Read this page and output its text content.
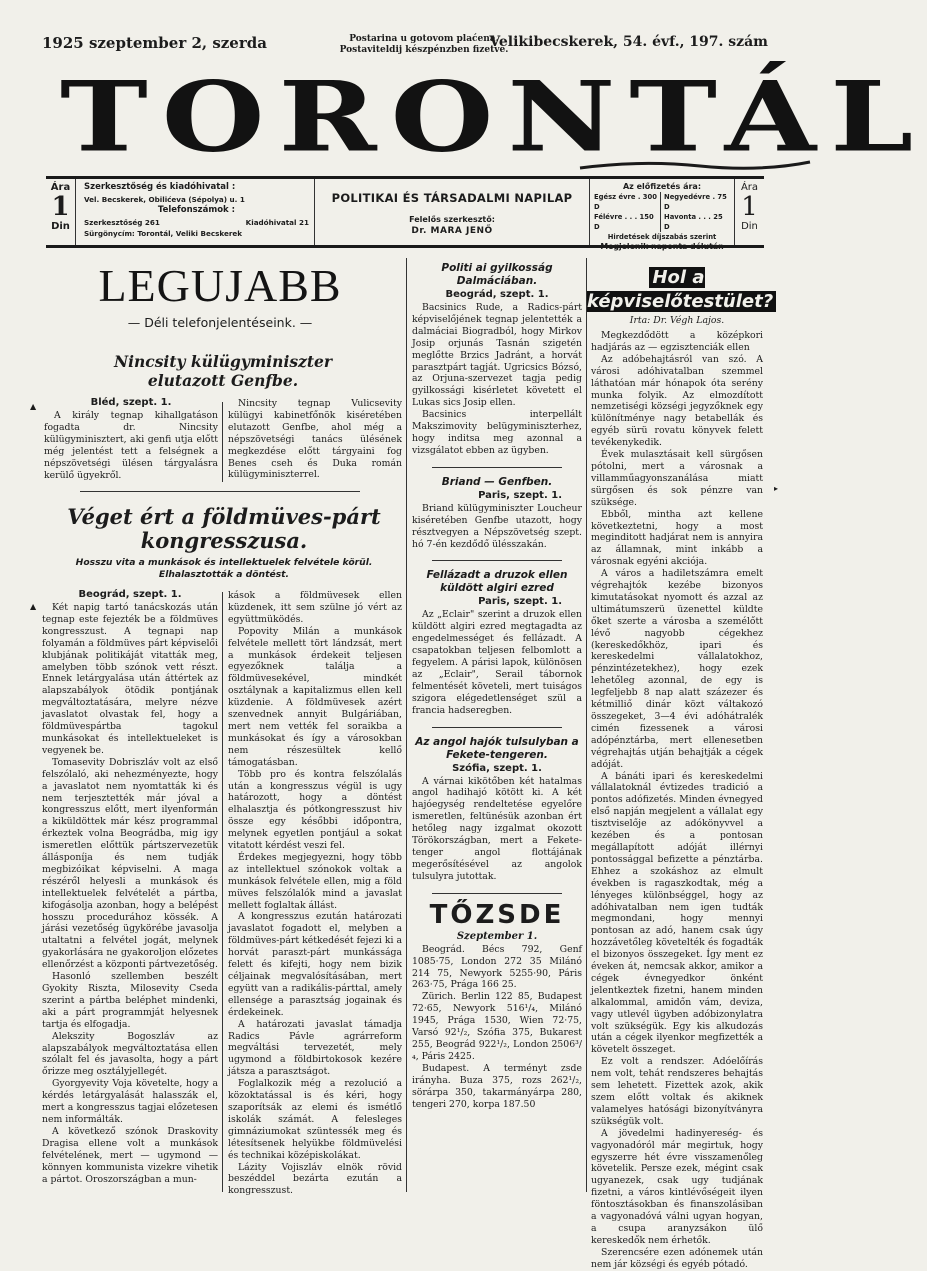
1925 szeptember 2, szerda	Postarina u gotovom plaćena.
Postaviteldij készpénzben fizetve.
Velikibecskerek, 54. évf., 197. szám
TORONTÁL
Ára
1
Din
Szerkesztőség és kiadóhivatal :
Vel. Becskerek, Obilićeva (Sépolya) u. 1
Telefonszámok :
Szerkesztőség 261	Kiadóhivatal 21
Sürgönycím: Torontál, Veliki Becskerek
POLITIKAI ÉS TÁRSADALMI NAPILAP
Felelős szerkesztő:
Dr. MARA JENŐ
Az előfizetés ára:
Egész évre . 300 D
Félévre . . . 150 D
Negyedévre . 75 D
Havonta . . . 25 D
Hirdetések díjszabás szerint
Megjelenik naponta délután
Ára
1
Din
LEGUJABB
— Déli telefonjelentéseink. —
Nincsity külügyminiszter elutazott Genfbe.
Bléd, szept. 1.

A király tegnap kihallgatáson fogadta dr. Nincsity külügyminisztert, aki genfi utja előtt még jelentést tett a felségnek a népszövetségi ülésen tárgyalásra kerülő ügyekről.

Nincsity tegnap Vulicsevity külügyi kabinetfőnök kiséretében elutazott Genfbe, ahol még a népszövetségi tanács ülésének megkezdése előtt tárgyaini fog Benes cseh és Duka román külügyminiszterrel.

Véget ért a földmüves-párt kongresszusa.
Hosszu vita a munkások és intellektuelek felvétele körül. Elhalasztották a döntést.
Beográd, szept. 1.

Két napig tartó tanácskozás után tegnap este fejezték be a földmüves kongresszust. A tegnapi nap folyamán a földmüves párt képviselői klubjának politikáját vitatták meg, amelyben több szónok vett részt. Ennek letárgyalása után áttértek az alapszabályok ötödik pontjának megváltoztatására, melyre nézve javaslatot olvastak fel, hogy a földmüvespártba tagokul munkásokat és intellektueleket is vegyenek be.

Tomasevity Dobriszláv volt az első felszólaló, aki nehezményezte, hogy a javaslatot nem nyomtatták ki és nem terjesztették már jóval a kongresszus előtt, mert ilyenformán a kiküldöttek már kész programmal érkeztek volna Beográdba, mig igy ismeretlen előttük pártszervezetük állásponíja és nem tudják megbizóikat képviselni. A maga részéről helyesli a munkások és intellektuelek felvételét a pártba, kifogásolja azonban, hogy a belépést hosszu procedurához kössék. A járási vezetőség ügykörébe javasolja utaltatni a felvétel jogát, melynek gyakorlására ne gyakoroljon előzetes ellenőrzést a központi pártvezetőség.

Hasonló szellemben beszélt Gyokity Riszta, Milosevity Cseda szerint a pártba beléphet mindenki, aki a párt programmját helyesnek tartja és elfogadja.

Alekszity Bogoszláv az alapszabályok megváltoztatása ellen szólalt fel és javasolta, hogy a párt őrizze meg osztályjellegét.

Gyorgyevity Voja követelte, hogy a kérdés letárgyalását halasszák el, mert a kongresszus tagjai előzetesen nem informálták.

A következő szónok Draskovity Dragisa ellene volt a munkások felvételének, mert — ugymond — könnyen kommunista vizekre vihetik a pártot. Oroszországban a mun-

kások a földmüvesek ellen küzdenek, itt sem szülne jó vért az együttmüködés.

Popovity Milán a munkások felvétele mellett tört lándzsát, mert a munkások érdekeit teljesen egyezőknek találja a földmüvesekével, mindkét osztálynak a kapitalizmus ellen kell küzdenie. A földmüvesek azért szenvednek annyit Bulgáriában, mert nem vették fel soraikba a munkásokat és így a városokban nem részesültek kellő támogatásban.

Több pro és kontra felszólalás után a kongresszus végül is ugy határozott, hogy a döntést elhalasztja és pótkongresszust hiv össze egy későbbi időpontra, melynek egyetlen pontjául a sokat vitatott kérdést veszi fel.

Érdekes megjegyezni, hogy több az intellektuel szónokok voltak a munkások felvétele ellen, mig a föld müves felszólalók mind a javaslat mellett foglaltak állást.

A kongresszus ezután határozati javaslatot fogadott el, melyben a földmüves-párt kétkedését fejezi ki a horvát paraszt-párt munkássága felett és kifejti, hogy nem bizik céljainak megvalósításában, mert együtt van a radikális-párttal, amely ellensége a parasztság jogainak és érdekeinek.

A határozati javaslat támadja Radics Pávle agrárreform megváltási tervezetét, mely ugymond a földbirtokosok kezére játsza a parasztságot.

Foglalkozik még a rezolució a közoktatással is és kéri, hogy szaporítsák az elemi és ismétlő iskolák számát. A felesleges gimnáziumokat szüntessék meg és létesítsenek helyükbe földmüvelési és technikai középiskolákat.

Lázity Vojiszláv elnök rövid beszéddel bezárta ezután a kongresszust.

Politi ai gyilkosság Dalmáciában.
Beográd, szept. 1.

Bacsinics Rude, a Radics-párt képviselőjének tegnap jelentették a dalmáciai Biogradból, hogy Mirkov Josip orjunás Tasnán szigetén meglőtte Brzics Jadránt, a horvát parasztpárt tagját. Ugricsics Bózsó, az Orjuna-szervezet tagja pedig gyilkossági kisérletet követett el Lukas sics Josip ellen.

Bacsinics interpellált Makszimovity belügyminiszterhez, hogy inditsa meg azonnal a vizsgálatot ebben az ügyben.

Briand — Genfben.
Paris, szept. 1.

Briand külügyminiszter Loucheur kiséretében Genfbe utazott, hogy résztvegyen a Népszövetség szept. hó 7-én kezdődő ülésszakán.

Fellázadt a druzok ellen küldött algiri ezred
Paris, szept. 1.

Az „Eclair" szerint a druzok ellen küldött algiri ezred megtagadta az engedelmességet és fellázadt. A csapatokban teljesen felbomlott a fegyelem. A párisi lapok, különösen az „Eclair", Serail tábornok felmentését követeli, mert tuiságos szigora elégedetlenséget szül a francia hadseregben.

Az angol hajók tulsulyban a Fekete-tengeren.
Szófia, szept. 1.

A várnai kikötőben két hatalmas angol hadihajó kötött ki. A két hajóegység rendeltetése egyelőre ismeretlen, feltünésük azonban ért hetőleg nagy izgalmat okozott Törökországban, mert a Fekete-tenger angol flottájának megerősítésével az angolok tulsulyra jutottak.

TŐZSDE
Szeptember 1.

Beográd. Bécs 792, Genf 1085·75, London 272 35 Milánó 214 75, Newyork 5255·90, Páris 263·75, Prága 166 25.

Zürich. Berlin 122 85, Budapest 72·65, Newyork 516¹/₄, Milánó 1945, Prága 1530, Wien 72·75, Varsó 92¹/₂, Szófia 375, Bukarest 255, Beográd 922¹/₂, London 2506³/₄, Páris 2425.

Budapest. A terményt zsde irányha. Buza 375, rozs 262¹/₂, sörárpa 350, takarmányárpa 280, tengeri 270, korpa 187.50

Hol a képviselőtestület?
Irta: Dr. Végh Lajos.

Megkezdődött a középkori hadjárás az — egzisztenciák ellen

Az adóbehajtásról van szó. A városi adóhivatalban szemmel láthatóan már hónapok óta serény munka folyik. Az elmozdított nemzetiségi községi jegyzőknek egy különítménye nagy betabellák és egyéb sürü rovatu könyvek felett tevékenykedik.

Évek mulasztásait kell sürgősen pótolni, mert a városnak a villamműagyonszanálása miatt sürgősen és sok pénzre van szüksége.

Ebből, mintha azt kellene következtetni, hogy a most meginditott hadjárat nem is annyira az államnak, mint inkább a városnak egyéni akciója.

A város a hadiletszámra emelt végrehajtók kezébe bizonyos kimutatásokat nyomott és azzal az ultimátumszerü üzenettel küldte őket szerte a városba a személőtt lévő nagyobb cégekhez (kereskedőkhöz, ipari és kereskedelmi vállalatokhoz, pénzintézetekhez), hogy ezek lehetőleg azonnal, de egy is legfeljebb 8 nap alatt százezer és kétmilliő dinár közt váltakozó összegeket, 3—4 évi adóhátralék cimén fizessenek a városi adópénztárba, mert ellenesetben végrehajtás utján behajtják a cégek adóját.

A bánáti ipari és kereskedelmi vállalatoknál évtizedes tradició a pontos adófizetés. Minden évnegyed első napján megjelent a vállalat egy tisztviselője az adókönyvvel a kezében és a pontosan megállapított adóját illérnyi pontossággal befizette a pénztárba. Ehhez a szokáshoz az elmult években is ragaszkodtak, még a lényeges különbséggel, hogy az adóhivatalban nem igen tudták megmondani, hogy mennyi pontosan az adó, hanem csak úgy hozzávetőleg követelték és fogadták el bizonyos összegeket. Így ment ez éveken át, nemcsak akkor, amikor a cégek évnegyedkor önként jelentkeztek fizetni, hanem minden alkalommal, amidőn vám, deviza, vagy utlevél ügyben adóbizonylatra volt szükségük. Egy kis alkudozás után a cégek ilyenkor megfizették a követelt összeget.

Ez volt a rendszer. Adóelőírás nem volt, tehát rendszeres behajtás sem lehetett. Fizettek azok, akik szem előtt voltak és akiknek valamelyes hatósági bizonyítványra szükségük volt.

A jövedelmi hadinyereség- és vagyonadóról már megirtuk, hogy egyszerre hét évre visszamenőleg követelik. Persze ezek, mégint csak ugyanezek, csak ugy tudjának fizetni, a város kintlévőségeit ilyen föntosztásokban és finanszolásiban a vagyonadóvá válni ugyan hogyan, a csupa aranyzsákon ülő kereskedők nem érhetők.

Szerencsére ezen adónemek után nem jár községi és egyéb pótadó.

▲
▲
▸
